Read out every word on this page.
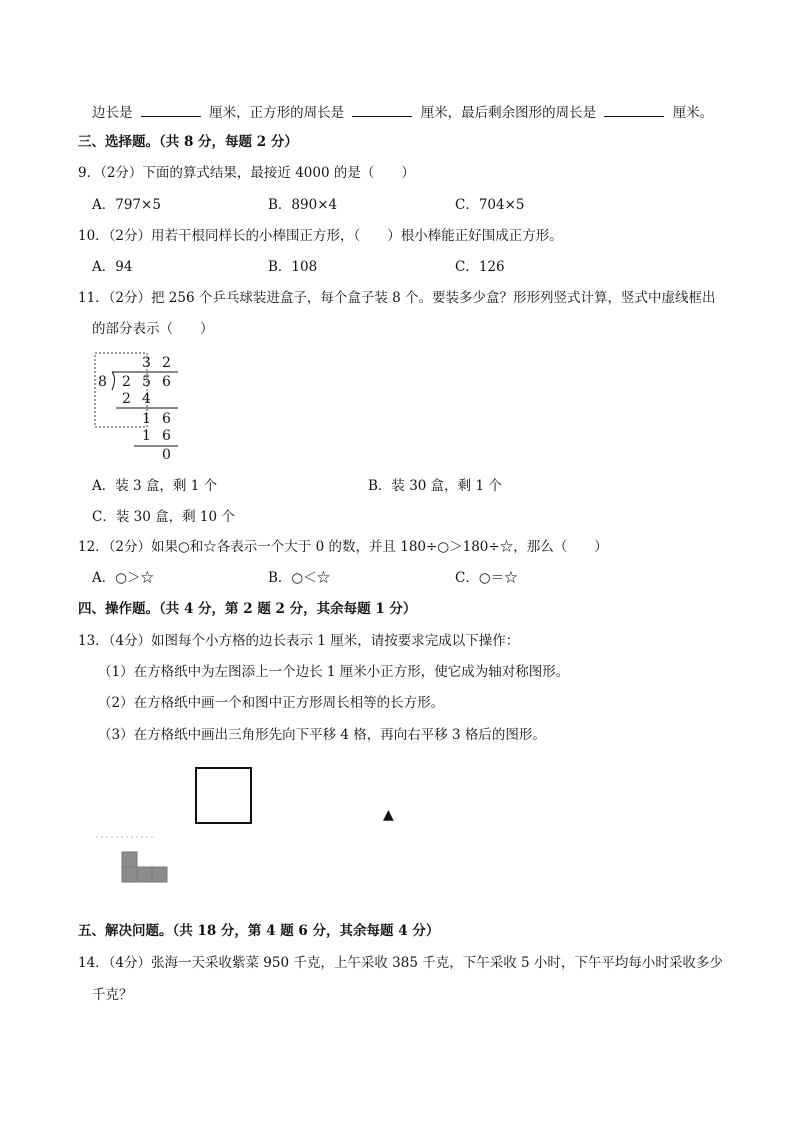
边长是	厘米，正方形的周长是	厘米，最后剩余图形的周长是	厘米。
三、选择题。（共 8 分，每题 2 分）
9．（2分）下面的算式结果，最接近 4000 的是（　　）
A．797×5	B．890×4	C．704×5
10．（2分）用若干根同样长的小棒围正方形，（　　）根小棒能正好围成正方形。
A．94	B．108	C．126
11．（2分）把 256 个乒乓球装进盒子，每个盒子装 8 个。要装多少盒？形形列竖式计算，竖式中虚线框出
的部分表示（　　）
3 2
8 2 5 6
2 4
1 6
1 6
0
A．装 3 盒，剩 1 个	B．装 30 盒，剩 1 个
C．装 30 盒，剩 10 个
12．（2分）如果○和☆各表示一个大于 0 的数，并且 180÷○＞180÷☆，那么（　　）
A．○＞☆	B．○＜☆	C．○＝☆
四、操作题。（共 4 分，第 2 题 2 分，其余每题 1 分）
13．（4分）如图每个小方格的边长表示 1 厘米，请按要求完成以下操作：
（1）在方格纸中为左图添上一个边长 1 厘米小正方形，使它成为轴对称图形。
（2）在方格纸中画一个和图中正方形周长相等的长方形。
（3）在方格纸中画出三角形先向下平移 4 格，再向右平移 3 格后的图形。
▲
五、解决问题。（共 18 分，第 4 题 6 分，其余每题 4 分）
14．（4分）张海一天采收紫菜 950 千克，上午采收 385 千克，下午采收 5 小时，下午平均每小时采收多少
千克？
